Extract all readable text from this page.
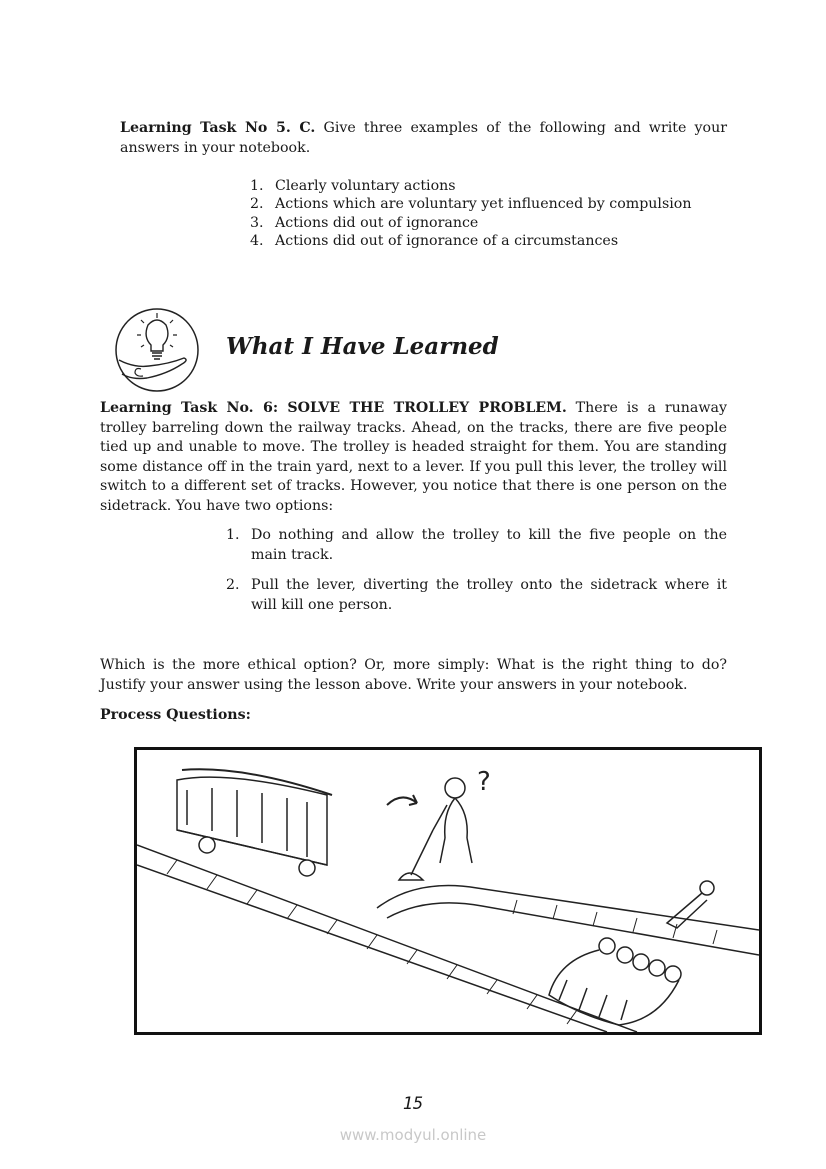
Learning Task No 5. C. Give three examples of the following and write your answers in your notebook.
1. Clearly voluntary actions
2. Actions which are voluntary yet influenced by compulsion
3. Actions did out of ignorance
4. Actions did out of ignorance of a circumstances
What I Have Learned
Learning Task No. 6: SOLVE THE TROLLEY PROBLEM. There is a runaway trolley barreling down the railway tracks. Ahead, on the tracks, there are five people tied up and unable to move. The trolley is headed straight for them. You are standing some distance off in the train yard, next to a lever. If you pull this lever, the trolley will switch to a different set of tracks. However, you notice that there is one person on the sidetrack. You have two options:
1. Do nothing and allow the trolley to kill the five people on the main track.
2. Pull the lever, diverting the trolley onto the sidetrack where it will kill one person.
Which is the more ethical option? Or, more simply: What is the right thing to do? Justify your answer using the lesson above. Write your answers in your notebook.
Process Questions:
?
15
www.modyul.online
